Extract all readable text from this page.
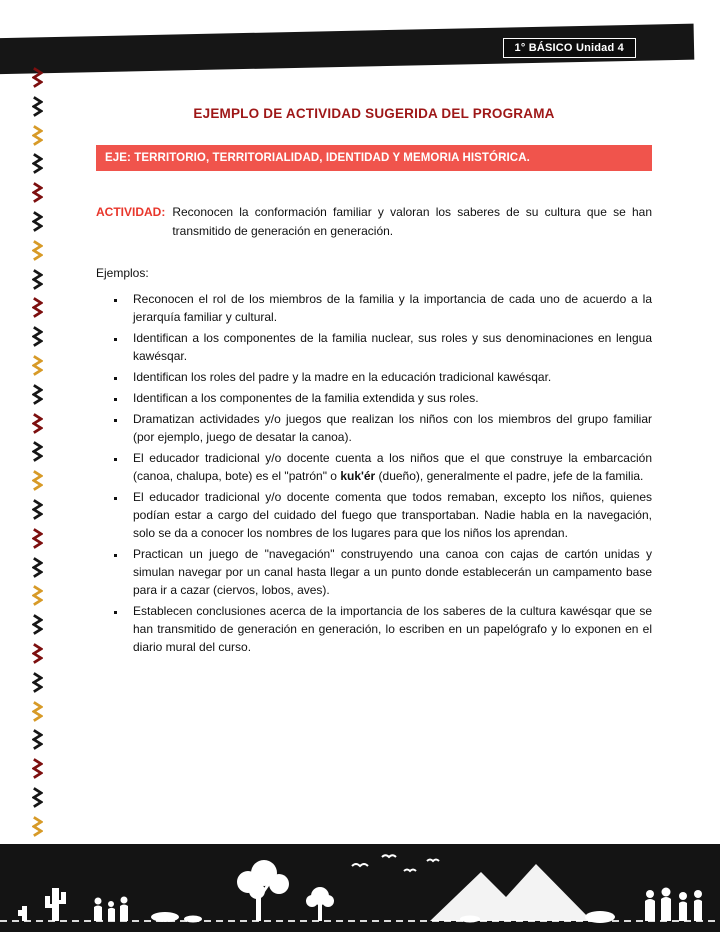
1° BÁSICO Unidad 4
EJEMPLO DE ACTIVIDAD SUGERIDA DEL PROGRAMA
EJE: TERRITORIO, TERRITORIALIDAD, IDENTIDAD Y MEMORIA HISTÓRICA.
ACTIVIDAD: Reconocen la conformación familiar y valoran los saberes de su cultura que se han transmitido de generación en generación.
Ejemplos:
▪ Reconocen el rol de los miembros de la familia y la importancia de cada uno de acuerdo a la jerarquía familiar y cultural.
▪ Identifican a los componentes de la familia nuclear, sus roles y sus denominaciones en lengua kawésqar.
▪ Identifican los roles del padre y la madre en la educación tradicional kawésqar.
▪ Identifican a los componentes de la familia extendida y sus roles.
▪ Dramatizan actividades y/o juegos que realizan los niños con los miembros del grupo familiar (por ejemplo, juego de desatar la canoa).
▪ El educador tradicional y/o docente cuenta a los niños que el que construye la embarcación (canoa, chalupa, bote) es el "patrón" o kuk'ér (dueño), generalmente el padre, jefe de la familia.
▪ El educador tradicional y/o docente comenta que todos remaban, excepto los niños, quienes podían estar a cargo del cuidado del fuego que transportaban. Nadie habla en la navegación, solo se da a conocer los nombres de los lugares para que los niños los aprendan.
▪ Practican un juego de "navegación" construyendo una canoa con cajas de cartón unidas y simulan navegar por un canal hasta llegar a un punto donde establecerán un campamento base para ir a cazar (ciervos, lobos, aves).
▪ Establecen conclusiones acerca de la importancia de los saberes de la cultura kawésqar que se han transmitido de generación en generación, lo escriben en un papelógrafo y lo exponen en el diario mural del curso.
